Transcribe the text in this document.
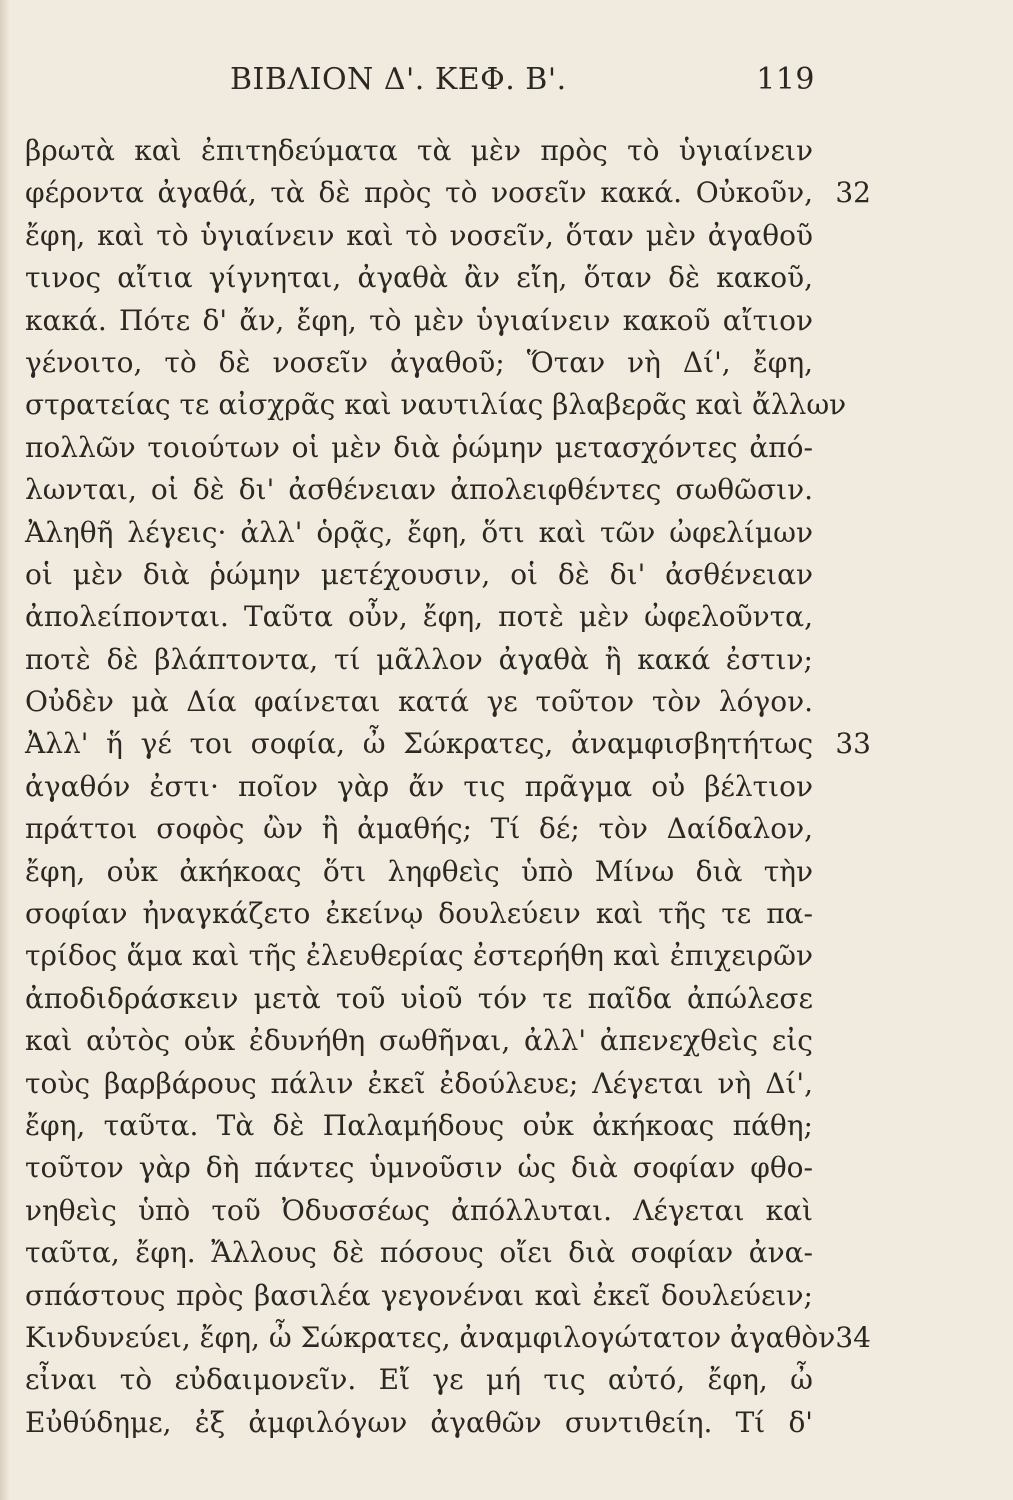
ΒΙΒΛΙΟΝ Δ'. ΚΕΦ. Β'.	119
βρωτὰ καὶ ἐπιτηδεύματα τὰ μὲν πρὸς τὸ ὑγιαίνειν
φέροντα ἀγαθά, τὰ δὲ πρὸς τὸ νοσεῖν κακά. Οὐκοῦν, 32
ἔφη, καὶ τὸ ὑγιαίνειν καὶ τὸ νοσεῖν, ὅταν μὲν ἀγαθοῦ
τινος αἴτια γίγνηται, ἀγαθὰ ἂν εἴη, ὅταν δὲ κακοῦ,
κακά. Πότε δ' ἄν, ἔφη, τὸ μὲν ὑγιαίνειν κακοῦ αἴτιον
γένοιτο, τὸ δὲ νοσεῖν ἀγαθοῦ; Ὅταν νὴ Δί', ἔφη,
στρατείας τε αἰσχρᾶς καὶ ναυτιλίας βλαβερᾶς καὶ ἄλλων
πολλῶν τοιούτων οἱ μὲν διὰ ῥώμην μετασχόντες ἀπό-
λωνται, οἱ δὲ δι' ἀσθένειαν ἀπολειφθέντες σωθῶσιν.
Ἀληθῆ λέγεις· ἀλλ' ὁρᾷς, ἔφη, ὅτι καὶ τῶν ὠφελίμων
οἱ μὲν διὰ ῥώμην μετέχουσιν, οἱ δὲ δι' ἀσθένειαν
ἀπολείπονται. Ταῦτα οὖν, ἔφη, ποτὲ μὲν ὠφελοῦντα,
ποτὲ δὲ βλάπτοντα, τί μᾶλλον ἀγαθὰ ἢ κακά ἐστιν;
Οὐδὲν μὰ Δία φαίνεται κατά γε τοῦτον τὸν λόγον.
Ἀλλ' ἥ γέ τοι σοφία, ὦ Σώκρατες, ἀναμφισβητήτως 33
ἀγαθόν ἐστι· ποῖον γὰρ ἄν τις πρᾶγμα οὐ βέλτιον
πράττοι σοφὸς ὢν ἢ ἀμαθής; Τί δέ; τὸν Δαίδαλον,
ἔφη, οὐκ ἀκήκοας ὅτι ληφθεὶς ὑπὸ Μίνω διὰ τὴν
σοφίαν ἠναγκάζετο ἐκείνῳ δουλεύειν καὶ τῆς τε πα-
τρίδος ἅμα καὶ τῆς ἐλευθερίας ἐστερήθη καὶ ἐπιχειρῶν
ἀποδιδράσκειν μετὰ τοῦ υἱοῦ τόν τε παῖδα ἀπώλεσε
καὶ αὐτὸς οὐκ ἐδυνήθη σωθῆναι, ἀλλ' ἀπενεχθεὶς εἰς
τοὺς βαρβάρους πάλιν ἐκεῖ ἐδούλευε; Λέγεται νὴ Δί',
ἔφη, ταῦτα. Τὰ δὲ Παλαμήδους οὐκ ἀκήκοας πάθη;
τοῦτον γὰρ δὴ πάντες ὑμνοῦσιν ὡς διὰ σοφίαν φθο-
νηθεὶς ὑπὸ τοῦ Ὀδυσσέως ἀπόλλυται. Λέγεται καὶ
ταῦτα, ἔφη. Ἄλλους δὲ πόσους οἴει διὰ σοφίαν ἀνα-
σπάστους πρὸς βασιλέα γεγονέναι καὶ ἐκεῖ δουλεύειν;
Κινδυνεύει, ἔφη, ὦ Σώκρατες, ἀναμφιλογώτατον ἀγαθὸν 34
εἶναι τὸ εὐδαιμονεῖν. Εἴ γε μή τις αὐτό, ἔφη, ὦ
Εὐθύδημε, ἐξ ἀμφιλόγων ἀγαθῶν συντιθείη. Τί δ'
